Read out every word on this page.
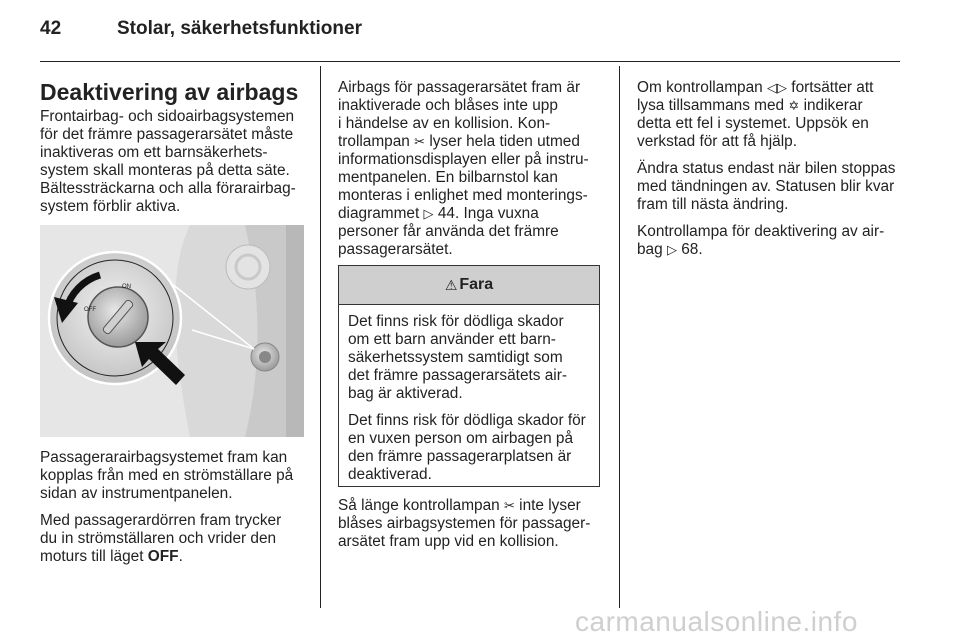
42	Stolar, säkerhetsfunktioner
Deaktivering av airbags

Frontairbag- och sidoairbagsystemen
för det främre passagerarsätet måste
inaktiveras om ett barnsäkerhets-
system skall monteras på detta säte.
Bältessträckarna och alla förarairbag-
system förblir aktiva.

ON
OFF

Passagerarairbagsystemet fram kan
kopplas från med en strömställare på
sidan av instrumentpanelen.

Med passagerardörren fram trycker
du in strömställaren och vrider den
moturs till läget OFF.

Airbags för passagerarsätet fram är
inaktiverade och blåses inte upp
i händelse av en kollision. Kon-
trollampan ✂ lyser hela tiden utmed
informationsdisplayen eller på instru-
mentpanelen. En bilbarnstol kan
monteras i enlighet med monterings-
diagrammet ▷ 44. Inga vuxna
personer får använda det främre
passagerarsätet.

⚠ Fara

Det finns risk för dödliga skador
om ett barn använder ett barn-
säkerhetssystem samtidigt som
det främre passagerarsätets air-
bag är aktiverad.

Det finns risk för dödliga skador för
en vuxen person om airbagen på
den främre passagerarplatsen är
deaktiverad.

Så länge kontrollampan ✂ inte lyser
blåses airbagsystemen för passager-
arsätet fram upp vid en kollision.

Om kontrollampan ◁▷ fortsätter att
lysa tillsammans med ✡ indikerar
detta ett fel i systemet. Uppsök en
verkstad för att få hjälp.

Ändra status endast när bilen stoppas
med tändningen av. Statusen blir kvar
fram till nästa ändring.

Kontrollampa för deaktivering av air-
bag ▷ 68.

carmanualsonline.info
